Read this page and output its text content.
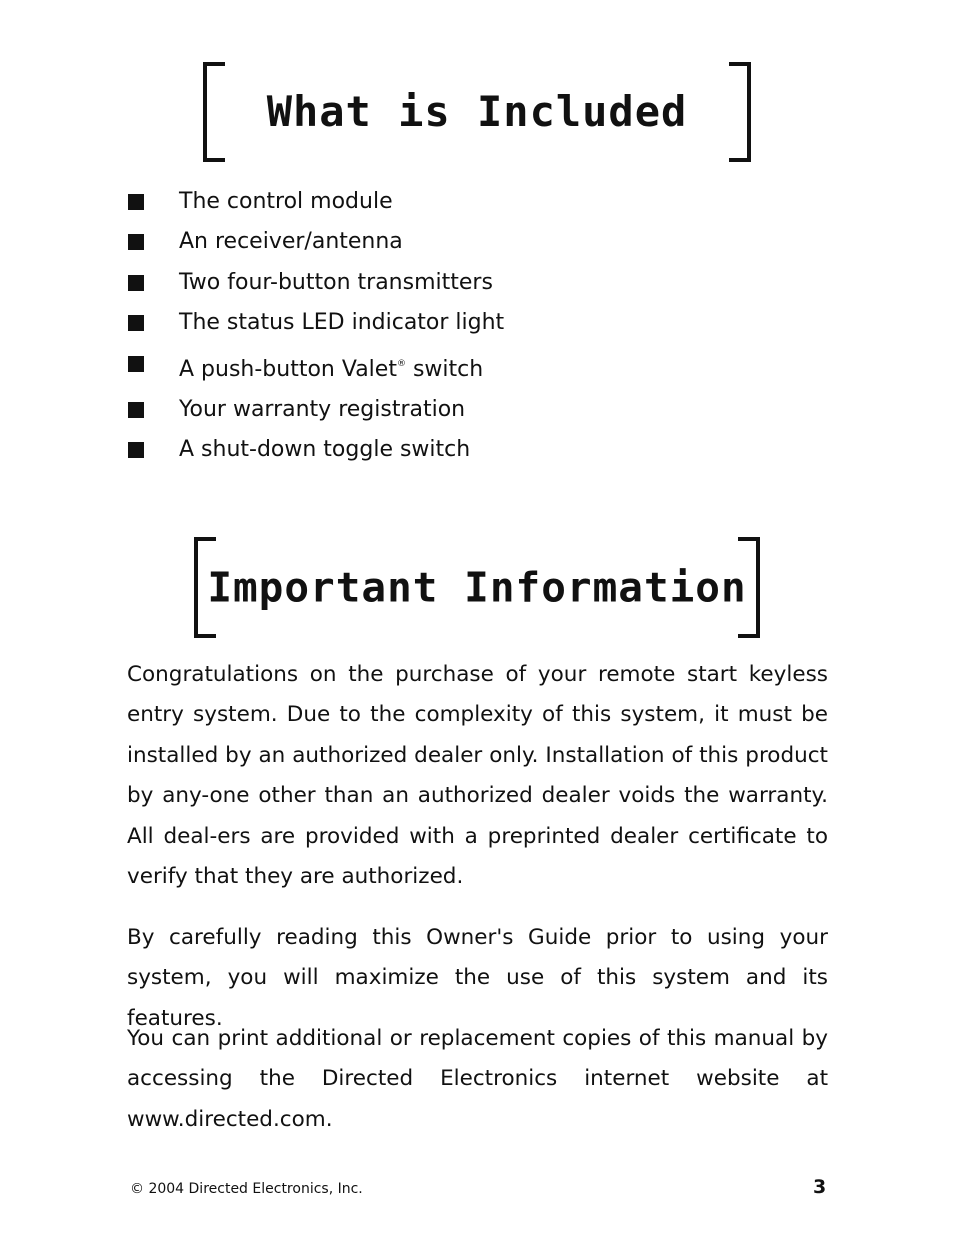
What is Included
The control module
An receiver/antenna
Two four-button transmitters
The status LED indicator light
A push-button Valet® switch
Your warranty registration
A shut-down toggle switch
Important Information

Congratulations on the purchase of your remote start keyless entry system. Due to the complexity of this system, it must be installed by an authorized dealer only. Installation of this product by any-one other than an authorized dealer voids the warranty. All deal-ers are provided with a preprinted dealer certificate to verify that they are authorized.

By carefully reading this Owner's Guide prior to using your system, you will maximize the use of this system and its features.

You can print additional or replacement copies of this manual by accessing the Directed Electronics internet website at www.directed.com.

© 2004 Directed Electronics, Inc.	3
